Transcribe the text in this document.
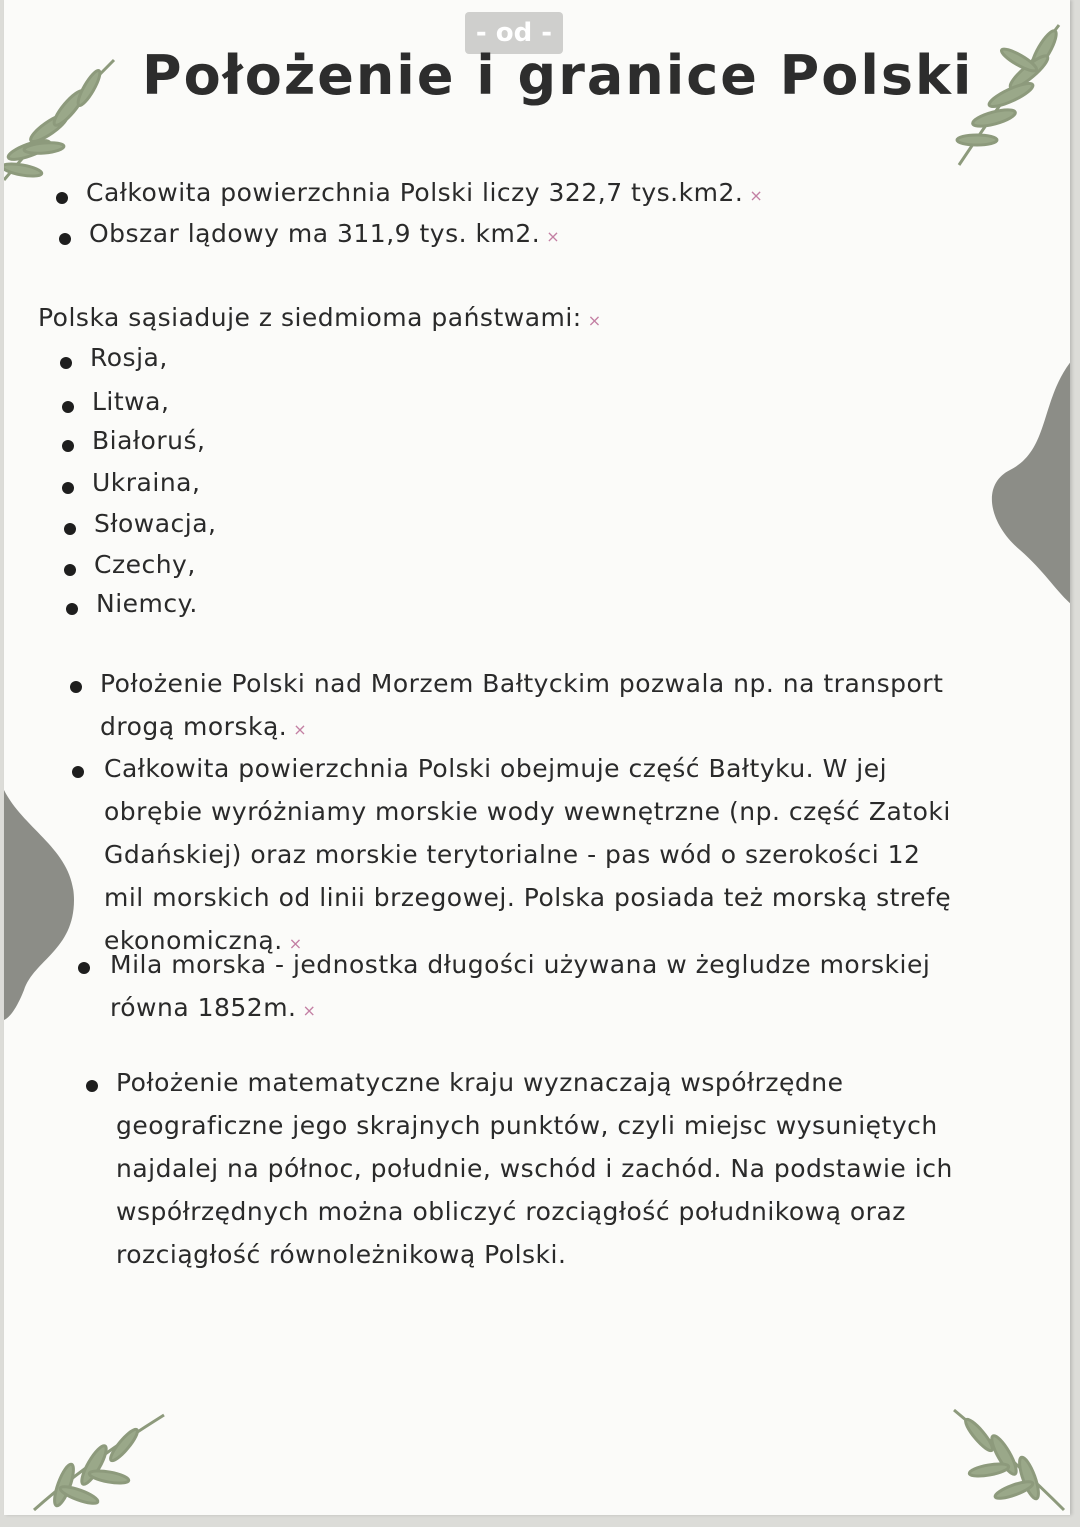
- od -
Położenie i granice Polski
Całkowita powierzchnia Polski liczy 322,7 tys.km2. ×
Obszar lądowy ma 311,9 tys. km2. ×
Polska sąsiaduje z siedmioma państwami: ×
Rosja,
Litwa,
Białoruś,
Ukraina,
Słowacja,
Czechy,
Niemcy.
Położenie Polski nad Morzem Bałtyckim pozwala np. na transport
drogą morską. ×
Całkowita powierzchnia Polski obejmuje część Bałtyku. W jej
obrębie wyróżniamy morskie wody wewnętrzne (np. część Zatoki
Gdańskiej) oraz morskie terytorialne - pas wód o szerokości 12
mil morskich od linii brzegowej. Polska posiada też morską strefę
ekonomiczną. ×
Mila morska - jednostka długości używana w żegludze morskiej
równa 1852m. ×
Położenie matematyczne kraju wyznaczają współrzędne
geograficzne jego skrajnych punktów, czyli miejsc wysuniętych
najdalej na północ, południe, wschód i zachód. Na podstawie ich
współrzędnych można obliczyć rozciągłość południkową oraz
rozciągłość równoleżnikową Polski.
